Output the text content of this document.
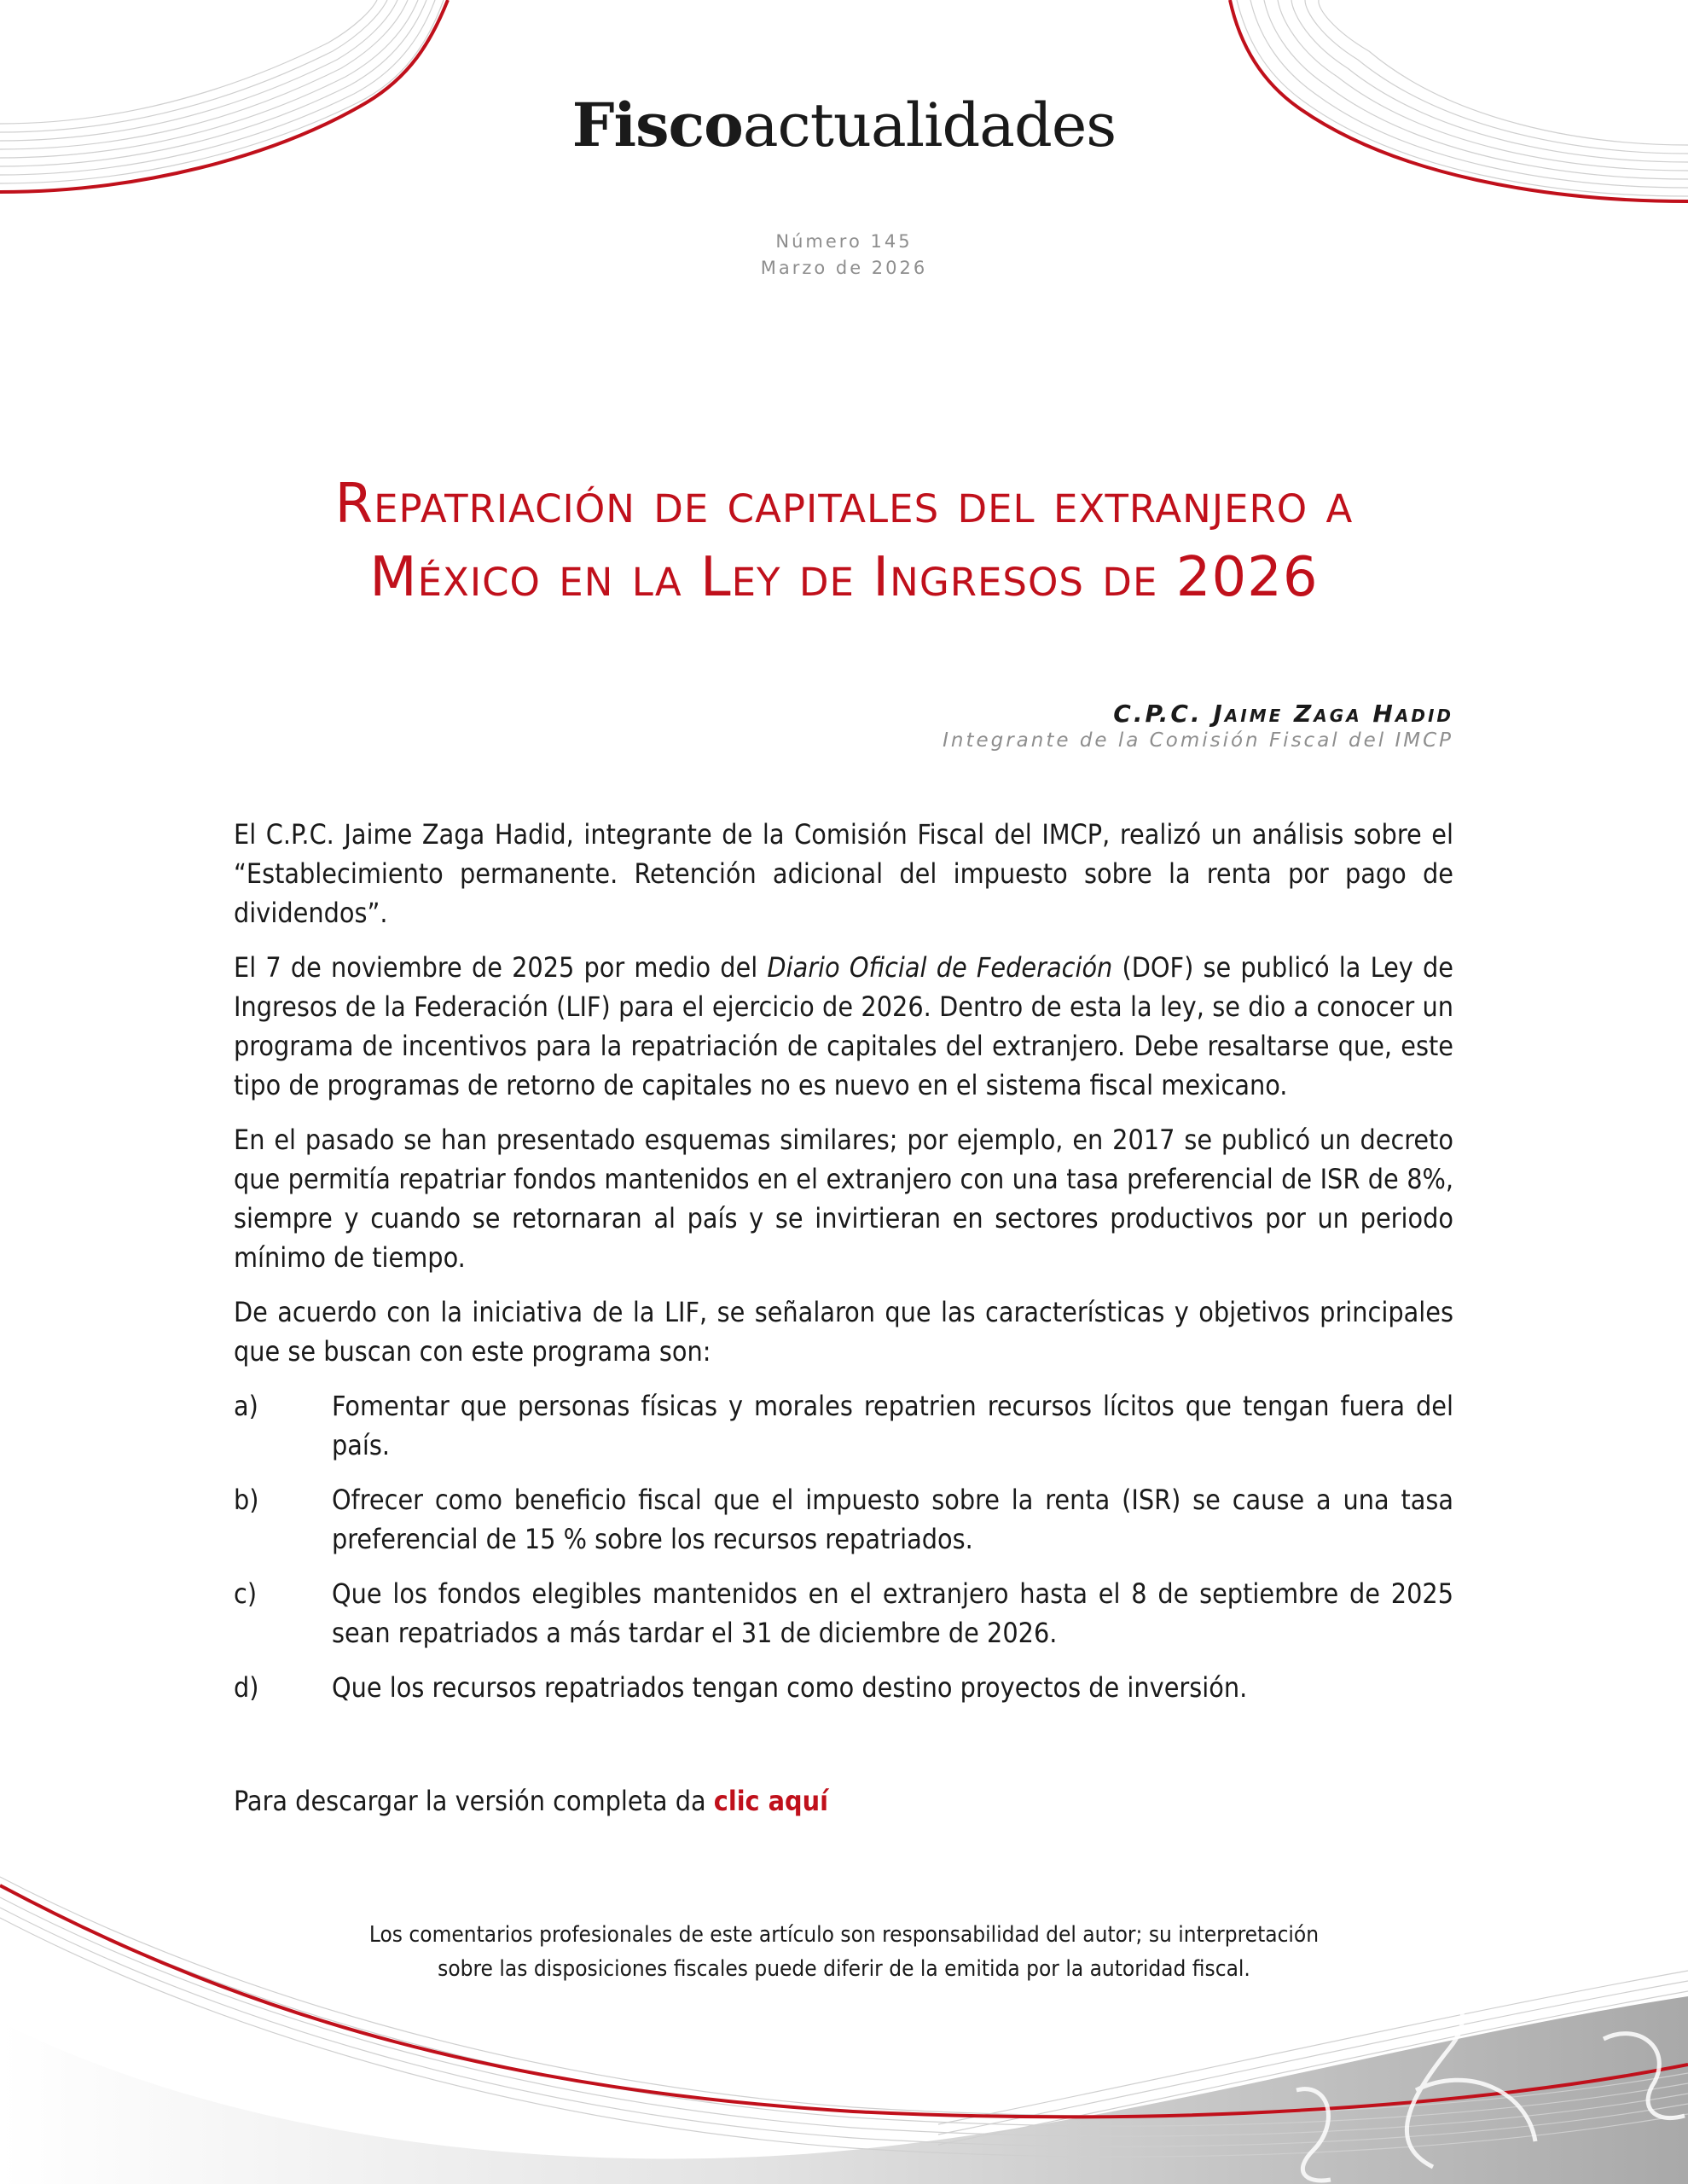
Fiscoactualidades
Número 145
Marzo de 2026
Repatriación de capitales del extranjero a
México en la Ley de Ingresos de 2026
C.P.C. Jaime Zaga Hadid
Integrante de la Comisión Fiscal del IMCP

El C.P.C. Jaime Zaga Hadid, integrante de la Comisión Fiscal del IMCP, realizó un análisis sobre el “Establecimiento permanente. Retención adicional del impuesto sobre la renta por pago de dividendos”.

El 7 de noviembre de 2025 por medio del Diario Oficial de Federación (DOF) se publicó la Ley de Ingresos de la Federación (LIF) para el ejercicio de 2026. Dentro de esta la ley, se dio a conocer un programa de incentivos para la repatriación de capitales del extranjero. Debe resaltarse que, este tipo de programas de retorno de capitales no es nuevo en el sistema fiscal mexicano.

En el pasado se han presentado esquemas similares; por ejemplo, en 2017 se publicó un decreto que permitía repatriar fondos mantenidos en el extranjero con una tasa preferencial de ISR de 8%, siempre y cuando se retornaran al país y se invirtieran en sectores productivos por un periodo mínimo de tiempo.

De acuerdo con la iniciativa de la LIF, se señalaron que las características y objetivos principales que se buscan con este programa son:

a)	Fomentar que personas físicas y morales repatrien recursos lícitos que tengan fuera del país.
b)	Ofrecer como beneficio fiscal que el impuesto sobre la renta (ISR) se cause a una tasa preferencial de 15 % sobre los recursos repatriados.
c)	Que los fondos elegibles mantenidos en el extranjero hasta el 8 de septiembre de 2025 sean repatriados a más tardar el 31 de diciembre de 2026.
d)	Que los recursos repatriados tengan como destino proyectos de inversión.
Para descargar la versión completa da clic aquí
Los comentarios profesionales de este artículo son responsabilidad del autor; su interpretación
sobre las disposiciones fiscales puede diferir de la emitida por la autoridad fiscal.
